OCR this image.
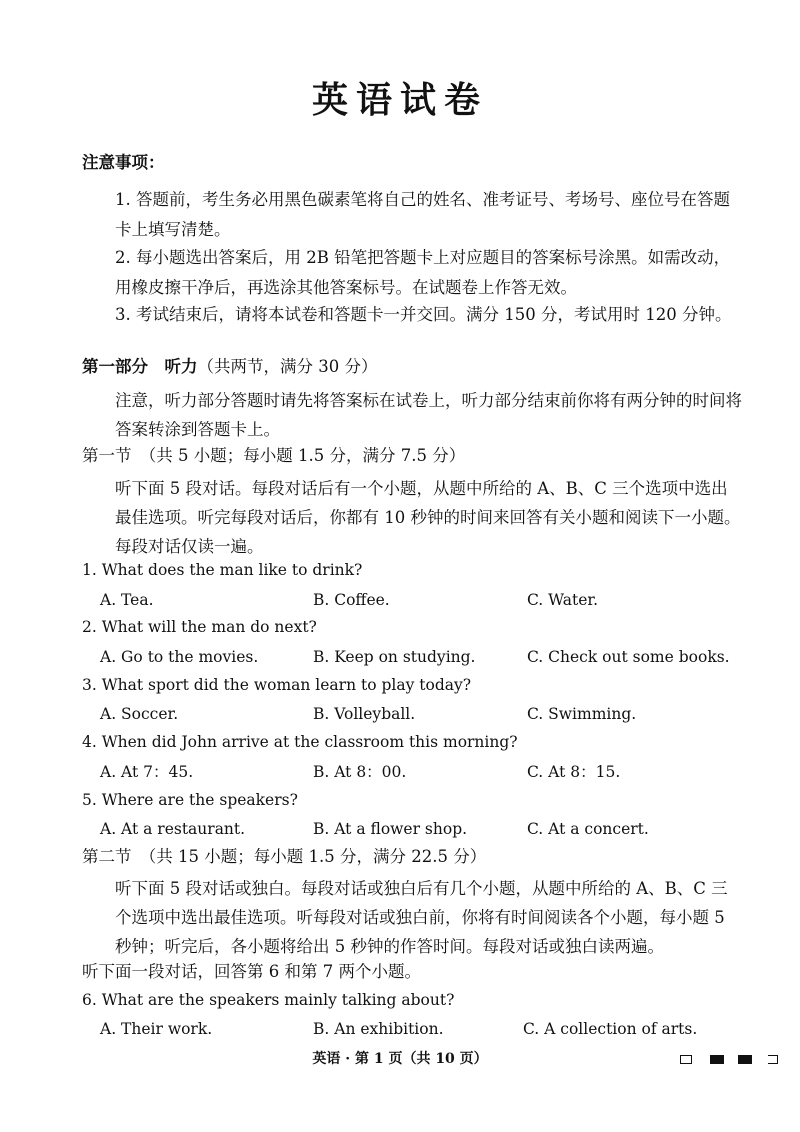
英语试卷
注意事项：
1. 答题前，考生务必用黑色碳素笔将自己的姓名、准考证号、考场号、座位号在答题卡上填写清楚。
2. 每小题选出答案后，用 2B 铅笔把答题卡上对应题目的答案标号涂黑。如需改动，用橡皮擦干净后，再选涂其他答案标号。在试题卷上作答无效。
3. 考试结束后，请将本试卷和答题卡一并交回。满分 150 分，考试用时 120 分钟。
第一部分　听力（共两节，满分 30 分）
注意，听力部分答题时请先将答案标在试卷上，听力部分结束前你将有两分钟的时间将答案转涂到答题卡上。
第一节　（共 5 小题；每小题 1.5 分，满分 7.5 分）
听下面 5 段对话。每段对话后有一个小题，从题中所给的 A、B、C 三个选项中选出最佳选项。听完每段对话后，你都有 10 秒钟的时间来回答有关小题和阅读下一小题。每段对话仅读一遍。
1. What does the man like to drink?
A. Tea.	B. Coffee.	C. Water.
2. What will the man do next?
A. Go to the movies.	B. Keep on studying.	C. Check out some books.
3. What sport did the woman learn to play today?
A. Soccer.	B. Volleyball.	C. Swimming.
4. When did John arrive at the classroom this morning?
A. At 7：45.	B. At 8：00.	C. At 8：15.
5. Where are the speakers?
A. At a restaurant.	B. At a flower shop.	C. At a concert.
第二节　（共 15 小题；每小题 1.5 分，满分 22.5 分）
听下面 5 段对话或独白。每段对话或独白后有几个小题，从题中所给的 A、B、C 三个选项中选出最佳选项。听每段对话或独白前，你将有时间阅读各个小题，每小题 5 秒钟；听完后，各小题将给出 5 秒钟的作答时间。每段对话或独白读两遍。
听下面一段对话，回答第 6 和第 7 两个小题。
6. What are the speakers mainly talking about?
A. Their work.	B. An exhibition.	C. A collection of arts.
英语 · 第 1 页（共 10 页）
